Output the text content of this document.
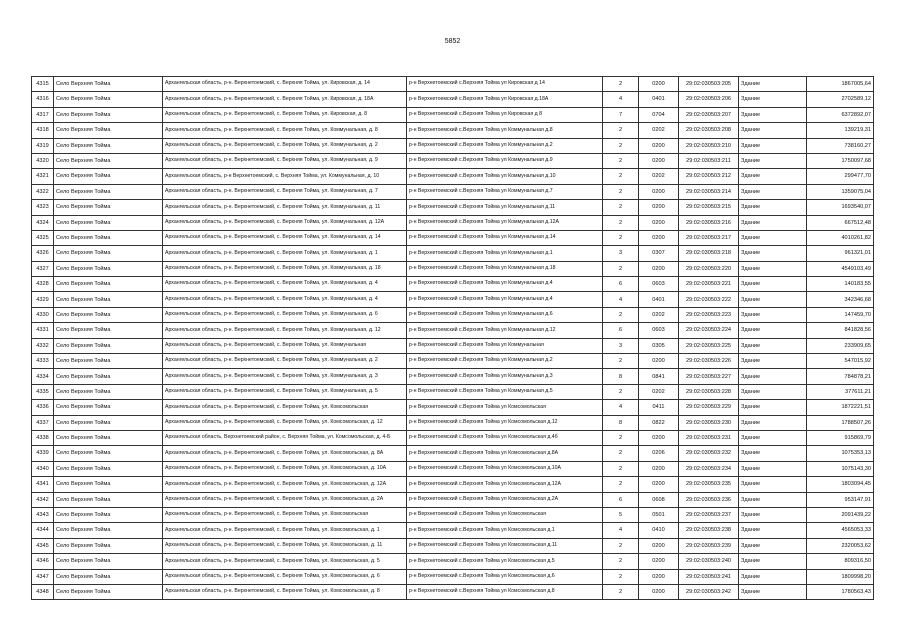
5852
4315	Село Верхняя Тойма	Архангельская область, р-н. Верхнетоемский, с. Верхняя Тойма, ул. Кировская, д. 14	р-н Верхнетоемский с.Верхняя Тойма ул Кировская д 14	2	0200	29:02:030503:205	Здание	1867005,64
4316	Село Верхняя Тойма	Архангельская область, р-н. Верхнетоемский, с. Верхняя Тойма, ул. Кировская, д. 18А	р-н Верхнетоемский с.Верхняя Тойма ул Кировская д.18А	4	0401	29:02:030503:206	Здание	2702589,12
4317	Село Верхняя Тойма	Архангельская область, р-н. Верхнетоемский, с. Верхняя Тойма, ул. Кировская, д. 8	р-н Верхнетоемский с.Верхняя Тойма ул Кировская д 8	7	0704	29:02:030503:207	Здание	6372892,07
4318	Село Верхняя Тойма	Архангельская область, р-н. Верхнетоемский, с. Верхняя Тойма, ул. Коммунальная, д. 8	р-н Верхнетоемский с.Верхняя Тойма ул Коммунальная д.8	2	0202	29:02:030503:208	Здание	139219,31
4319	Село Верхняя Тойма	Архангельская область, р-н. Верхнетоемский, с. Верхняя Тойма, ул. Коммунальная, д. 2	р-н Верхнетоемский с.Верхняя Тойма ул Коммунальная д.2	2	0200	29:02:030503:210	Здание	738160,27
4320	Село Верхняя Тойма	Архангельская область, р-н. Верхнетоемский, с. Верхняя Тойма, ул. Коммунальная, д. 9	р-н Верхнетоемский с.Верхняя Тойма ул Коммунальная д.9	2	0200	29:02:030503:211	Здание	1750097,68
4321	Село Верхняя Тойма	Архангельская область, р-н Верхнетоемский, с. Верхняя Тойма, ул. Коммунальная, д. 10	р-н Верхнетоемский с.Верхняя Тойма ул Коммунальная д.10	2	0202	29:02:030503:212	Здание	299477,70
4322	Село Верхняя Тойма	Архангельская область, р-н. Верхнетоемский, с. Верхняя Тойма, ул. Коммунальная, д. 7	р-н Верхнетоемский с.Верхняя Тойма ул Коммунальная д.7	2	0200	29:02:030503:214	Здание	1359075,04
4323	Село Верхняя Тойма	Архангельская область, р-н. Верхнетоемский, с. Верхняя Тойма, ул. Коммунальная, д. 11	р-н Верхнетоемский с.Верхняя Тойма ул Коммунальная д.11	2	0200	29:02:030503:215	Здание	1693540,07
4324	Село Верхняя Тойма	Архангельская область, р-н. Верхнетоемский, с. Верхняя Тойма, ул. Коммунальная, д. 12А	р-н Верхнетоемский с.Верхняя Тойма ул Коммунальная д.12А	2	0200	29:02:030503:216	Здание	667512,48
4325	Село Верхняя Тойма	Архангельская область, р-н. Верхнетоемский, с. Верхняя Тойма, ул. Коммунальная, д. 14	р-н Верхнетоемский с.Верхняя Тойма ул Коммунальная д.14	2	0200	29:02:030503:217	Здание	4010261,82
4326	Село Верхняя Тойма	Архангельская область, р-н. Верхнетоемский, с. Верхняя Тойма, ул. Коммунальная, д. 1	р-н Верхнетоемский с.Верхняя Тойма ул Коммунальная д.1	3	0307	29:02:030503:218	Здание	961321,01
4327	Село Верхняя Тойма	Архангельская область, р-н. Верхнетоемский, с. Верхняя Тойма, ул. Коммунальная, д. 18	р-н Верхнетоемский с.Верхняя Тойма ул Коммунальная д.18	2	0200	29:02:030503:220	Здание	4549103,49
4328	Село Верхняя Тойма	Архангельская область, р-н. Верхнетоемский, с. Верхняя Тойма, ул. Коммунальная, д. 4	р-н Верхнетоемский с.Верхняя Тойма ул Коммунальная д.4	6	0603	29:02:030503:221	Здание	140183,55
4329	Село Верхняя Тойма	Архангельская область, р-н. Верхнетоемский, с. Верхняя Тойма, ул. Коммунальная, д. 4	р-н Верхнетоемский с.Верхняя Тойма ул Коммунальная д.4	4	0401	29:02:030503:222	Здание	342346,68
4330	Село Верхняя Тойма	Архангельская область, р-н. Верхнетоемский, с. Верхняя Тойма, ул. Коммунальная, д. 6	р-н Верхнетоемский с.Верхняя Тойма ул Коммунальная д.6	2	0202	29:02:030503:223	Здание	147459,70
4331	Село Верхняя Тойма	Архангельская область, р-н. Верхнетоемский, с. Верхняя Тойма, ул. Коммунальная, д. 12	р-н Верхнетоемский с.Верхняя Тойма ул Коммунальная д.12	6	0603	29:02:030503:224	Здание	841828,56
4332	Село Верхняя Тойма	Архангельская область, р-н. Верхнетоемский, с. Верхняя Тойма, ул. Коммунальная	р-н Верхнетоемский с.Верхняя Тойма ул Коммунальная	3	0305	29:02:030503:225	Здание	233909,65
4333	Село Верхняя Тойма	Архангельская область, р-н. Верхнетоемский, с. Верхняя Тойма, ул. Коммунальная, д. 2	р-н Верхнетоемский с.Верхняя Тойма ул Коммунальная д.2	2	0200	29:02:030503:226	Здание	547015,92
4334	Село Верхняя Тойма	Архангельская область, р-н. Верхнетоемский, с. Верхняя Тойма, ул. Коммунальная, д. 3	р-н Верхнетоемский с.Верхняя Тойма ул Коммунальная д.3	8	0841	29:02:030503:227	Здание	784878,21
4335	Село Верхняя Тойма	Архангельская область, р-н. Верхнетоемский, с. Верхняя Тойма, ул. Коммунальная, д. 5	р-н Верхнетоемский с.Верхняя Тойма ул Коммунальная д.5	2	0202	29:02:030503:228	Здание	377611,21
4336	Село Верхняя Тойма	Архангельская область, р-н. Верхнетоемский, с. Верхняя Тойма, ул. Комсомольская	р-н Верхнетоемский с.Верхняя Тойма ул Комсомольская	4	0411	29:02:030503:229	Здание	1872221,51
4337	Село Верхняя Тойма	Архангельская область, р-н. Верхнетоемский, с. Верхняя Тойма, ул. Комсомольская, д. 12	р-н Верхнетоемский с.Верхняя Тойма ул Комсомольская д.12	8	0822	29:02:030503:230	Здание	1788507,26
4338	Село Верхняя Тойма	Архангельская область, Верхнетоемский район, с. Верхняя Тойма, ул. Комсомольская, д. 4-Б	р-н Верхнетоемский с.Верхняя Тойма ул Комсомольская д.4б	2	0200	29:02:030503:231	Здание	915869,79
4339	Село Верхняя Тойма	Архангельская область, р-н. Верхнетоемский, с. Верхняя Тойма, ул. Комсомольская, д. 8А	р-н Верхнетоемский с.Верхняя Тойма ул Комсомольская д.8А	2	0206	29:02:030503:232	Здание	1075353,13
4340	Село Верхняя Тойма	Архангельская область, р-н. Верхнетоемский, с. Верхняя Тойма, ул. Комсомольская, д. 10А	р-н Верхнетоемский с.Верхняя Тойма ул Комсомольская д.10А	2	0200	29:02:030503:234	Здание	1075143,30
4341	Село Верхняя Тойма	Архангельская область, р-н. Верхнетоемский, с. Верхняя Тойма, ул. Комсомольская, д. 12А	р-н Верхнетоемский с.Верхняя Тойма ул Комсомольская д.12А	2	0200	29:02:030503:235	Здание	1803094,45
4342	Село Верхняя Тойма	Архангельская область, р-н. Верхнетоемский, с. Верхняя Тойма, ул. Комсомольская, д. 2А	р-н Верхнетоемский с.Верхняя Тойма ул Комсомольская д.2А	6	0608	29:02:030503:236	Здание	953147,91
4343	Село Верхняя Тойма	Архангельская область, р-н. Верхнетоемский, с. Верхняя Тойма, ул. Комсомольская	р-н Верхнетоемский с.Верхняя Тойма ул Комсомольская	5	0501	29:02:030503:237	Здание	2091439,22
4344	Село Верхняя Тойма	Архангельская область, р-н. Верхнетоемский, с. Верхняя Тойма, ул. Комсомольская, д. 1	р-н Верхнетоемский с.Верхняя Тойма ул Комсомольская д.1	4	0410	29:02:030503:238	Здание	4565053,33
4345	Село Верхняя Тойма	Архангельская область, р-н. Верхнетоемский, с. Верхняя Тойма, ул. Комсомольская, д. 11	р-н Верхнетоемский с.Верхняя Тойма ул Комсомольская д.11	2	0200	29:02:030503:239	Здание	2320053,62
4346	Село Верхняя Тойма	Архангельская область, р-н. Верхнетоемский, с. Верхняя Тойма, ул. Комсомольская, д. 5	р-н Верхнетоемский с.Верхняя Тойма ул Комсомольская д.5	2	0200	29:02:030503:240	Здание	809316,50
4347	Село Верхняя Тойма	Архангельская область, р-н. Верхнетоемский, с. Верхняя Тойма, ул. Комсомольская, д. 6	р-н Верхнетоемский с.Верхняя Тойма ул Комсомольская д.6	2	0200	29:02:030503:241	Здание	1809998,20
4348	Село Верхняя Тойма	Архангельская область, р-н. Верхнетоемский, с. Верхняя Тойма, ул. Комсомольская, д. 8	р-н Верхнетоемский с.Верхняя Тойма ул Комсомольская д.8	2	0200	29:02:030503:242	Здание	1780563,43
